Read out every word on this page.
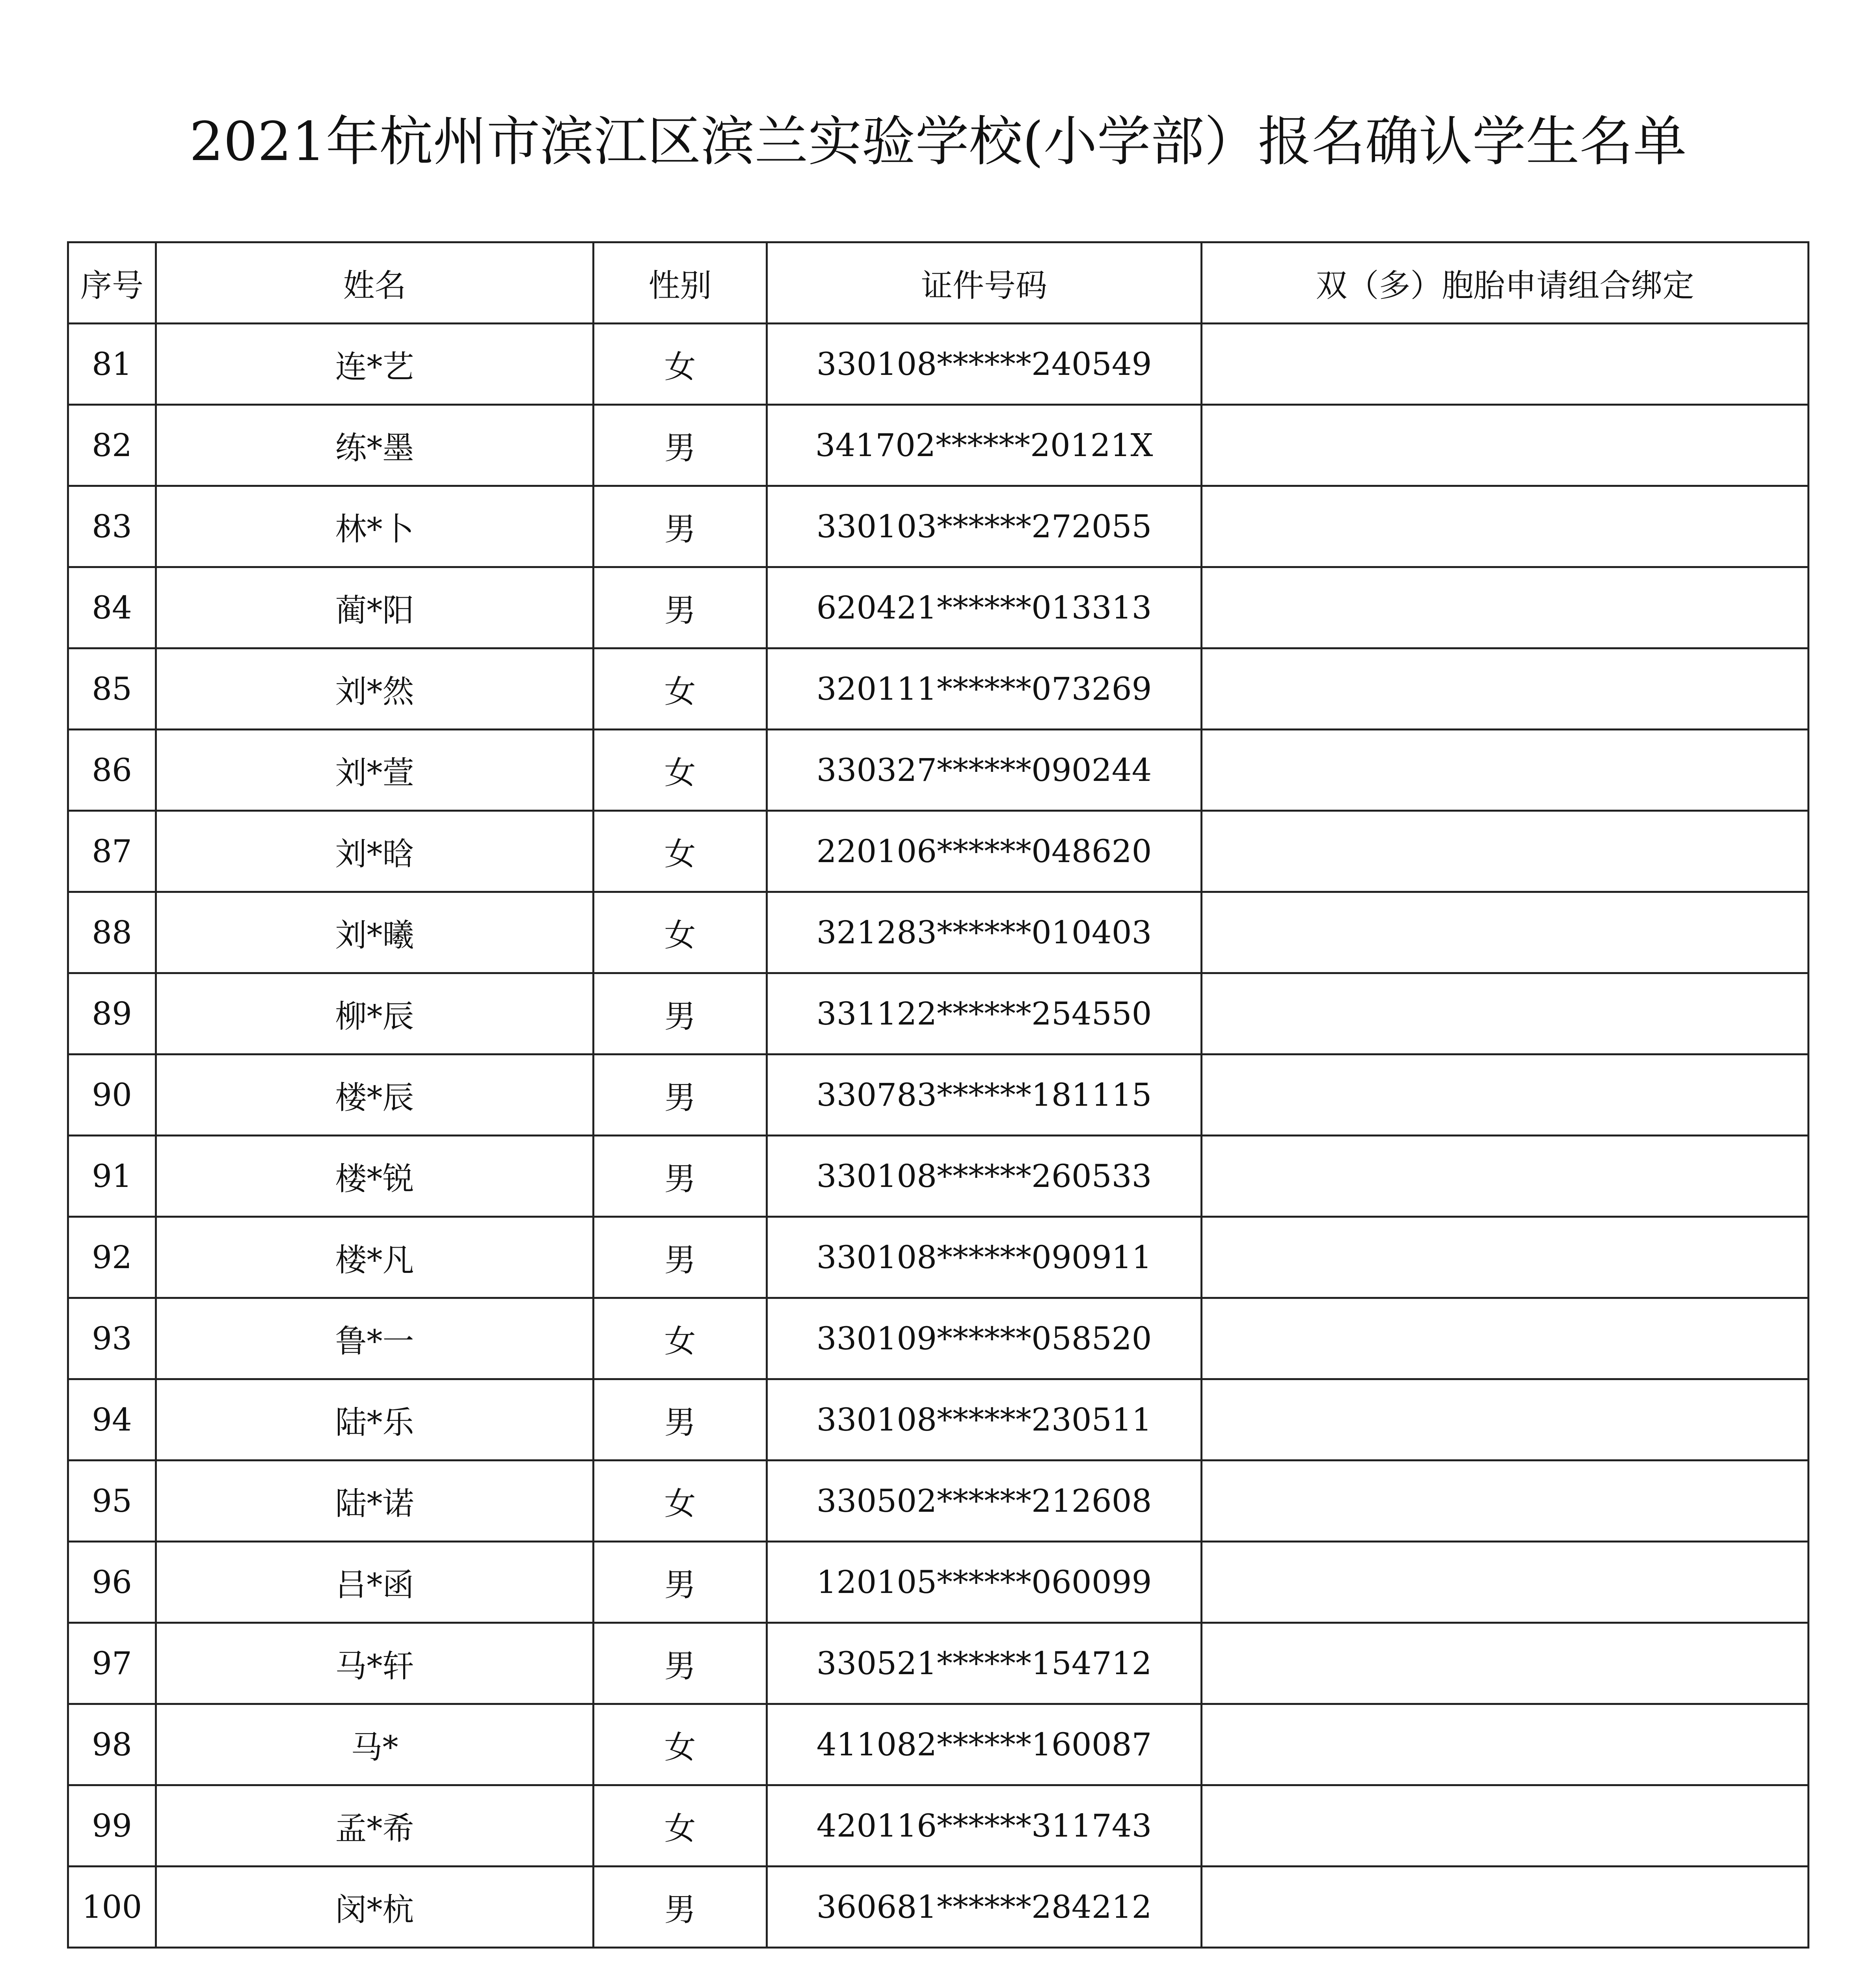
2021年杭州市滨江区滨兰实验学校(小学部）报名确认学生名单
序号	姓名	性别	证件号码	双（多）胞胎申请组合绑定
81	连*艺	女	330108******240549	
82	练*墨	男	341702******20121X	
83	林*卜	男	330103******272055	
84	蔺*阳	男	620421******013313	
85	刘*然	女	320111******073269	
86	刘*萱	女	330327******090244	
87	刘*晗	女	220106******048620	
88	刘*曦	女	321283******010403	
89	柳*辰	男	331122******254550	
90	楼*辰	男	330783******181115	
91	楼*锐	男	330108******260533	
92	楼*凡	男	330108******090911	
93	鲁*一	女	330109******058520	
94	陆*乐	男	330108******230511	
95	陆*诺	女	330502******212608	
96	吕*函	男	120105******060099	
97	马*轩	男	330521******154712	
98	马*	女	411082******160087	
99	孟*希	女	420116******311743	
100	闵*杭	男	360681******284212	
